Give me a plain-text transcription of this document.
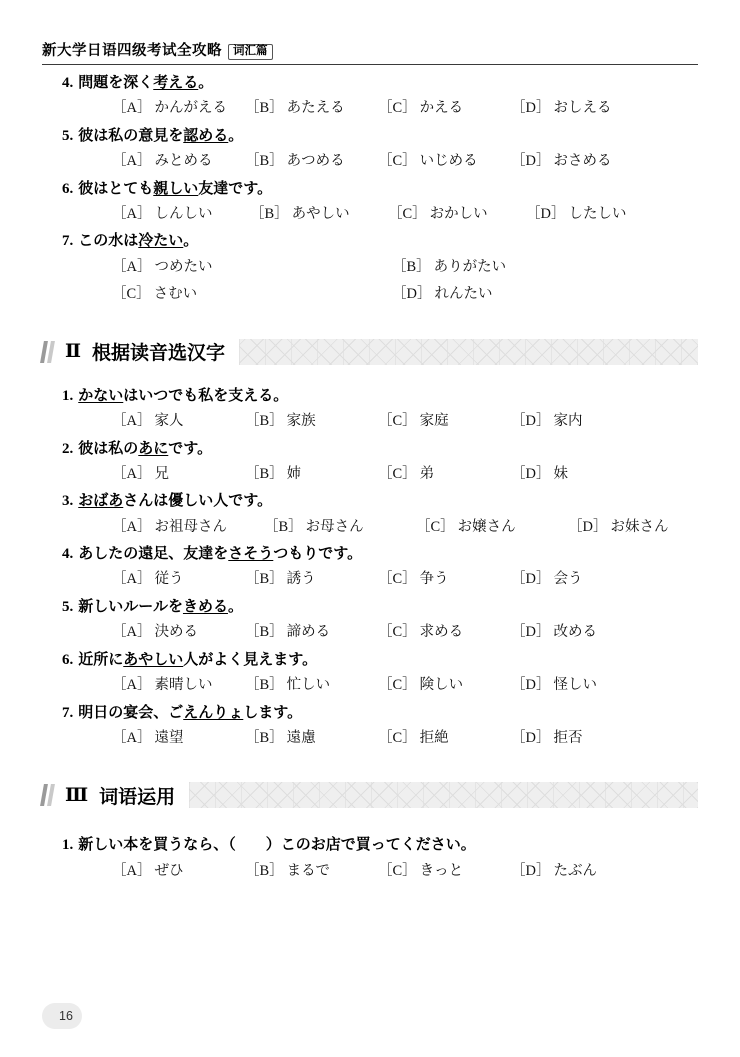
新大学日语四级考试全攻略 词汇篇
4. 問題を深く考える。
［A］ かんがえる	［B］ あたえる	［C］ かえる	［D］ おしえる
5. 彼は私の意見を認める。
［A］ みとめる	［B］ あつめる	［C］ いじめる	［D］ おさめる
6. 彼はとても親しい友達です。
［A］ しんしい	［B］ あやしい	［C］ おかしい	［D］ したしい
7. この水は冷たい。
［A］ つめたい	［B］ ありがたい
［C］ さむい	［D］ れんたい
Ⅱ 根据读音选汉字
1. かないはいつでも私を支える。
［A］ 家人	［B］ 家族	［C］ 家庭	［D］ 家内
2. 彼は私のあにです。
［A］ 兄	［B］ 姉	［C］ 弟	［D］ 妹
3. おばあさんは優しい人です。
［A］ お祖母さん	［B］ お母さん	［C］ お嬢さん	［D］ お妹さん
4. あしたの遠足、友達をさそうつもりです。
［A］ 従う	［B］ 誘う	［C］ 争う	［D］ 会う
5. 新しいルールをきめる。
［A］ 決める	［B］ 諦める	［C］ 求める	［D］ 改める
6. 近所にあやしい人がよく見えます。
［A］ 素晴しい	［B］ 忙しい	［C］ 険しい	［D］ 怪しい
7. 明日の宴会、ごえんりょします。
［A］ 遠望	［B］ 遠慮	［C］ 拒絶	［D］ 拒否
Ⅲ 词语运用
1. 新しい本を買うなら、（　　）このお店で買ってください。
［A］ ぜひ	［B］ まるで	［C］ きっと	［D］ たぶん
16
